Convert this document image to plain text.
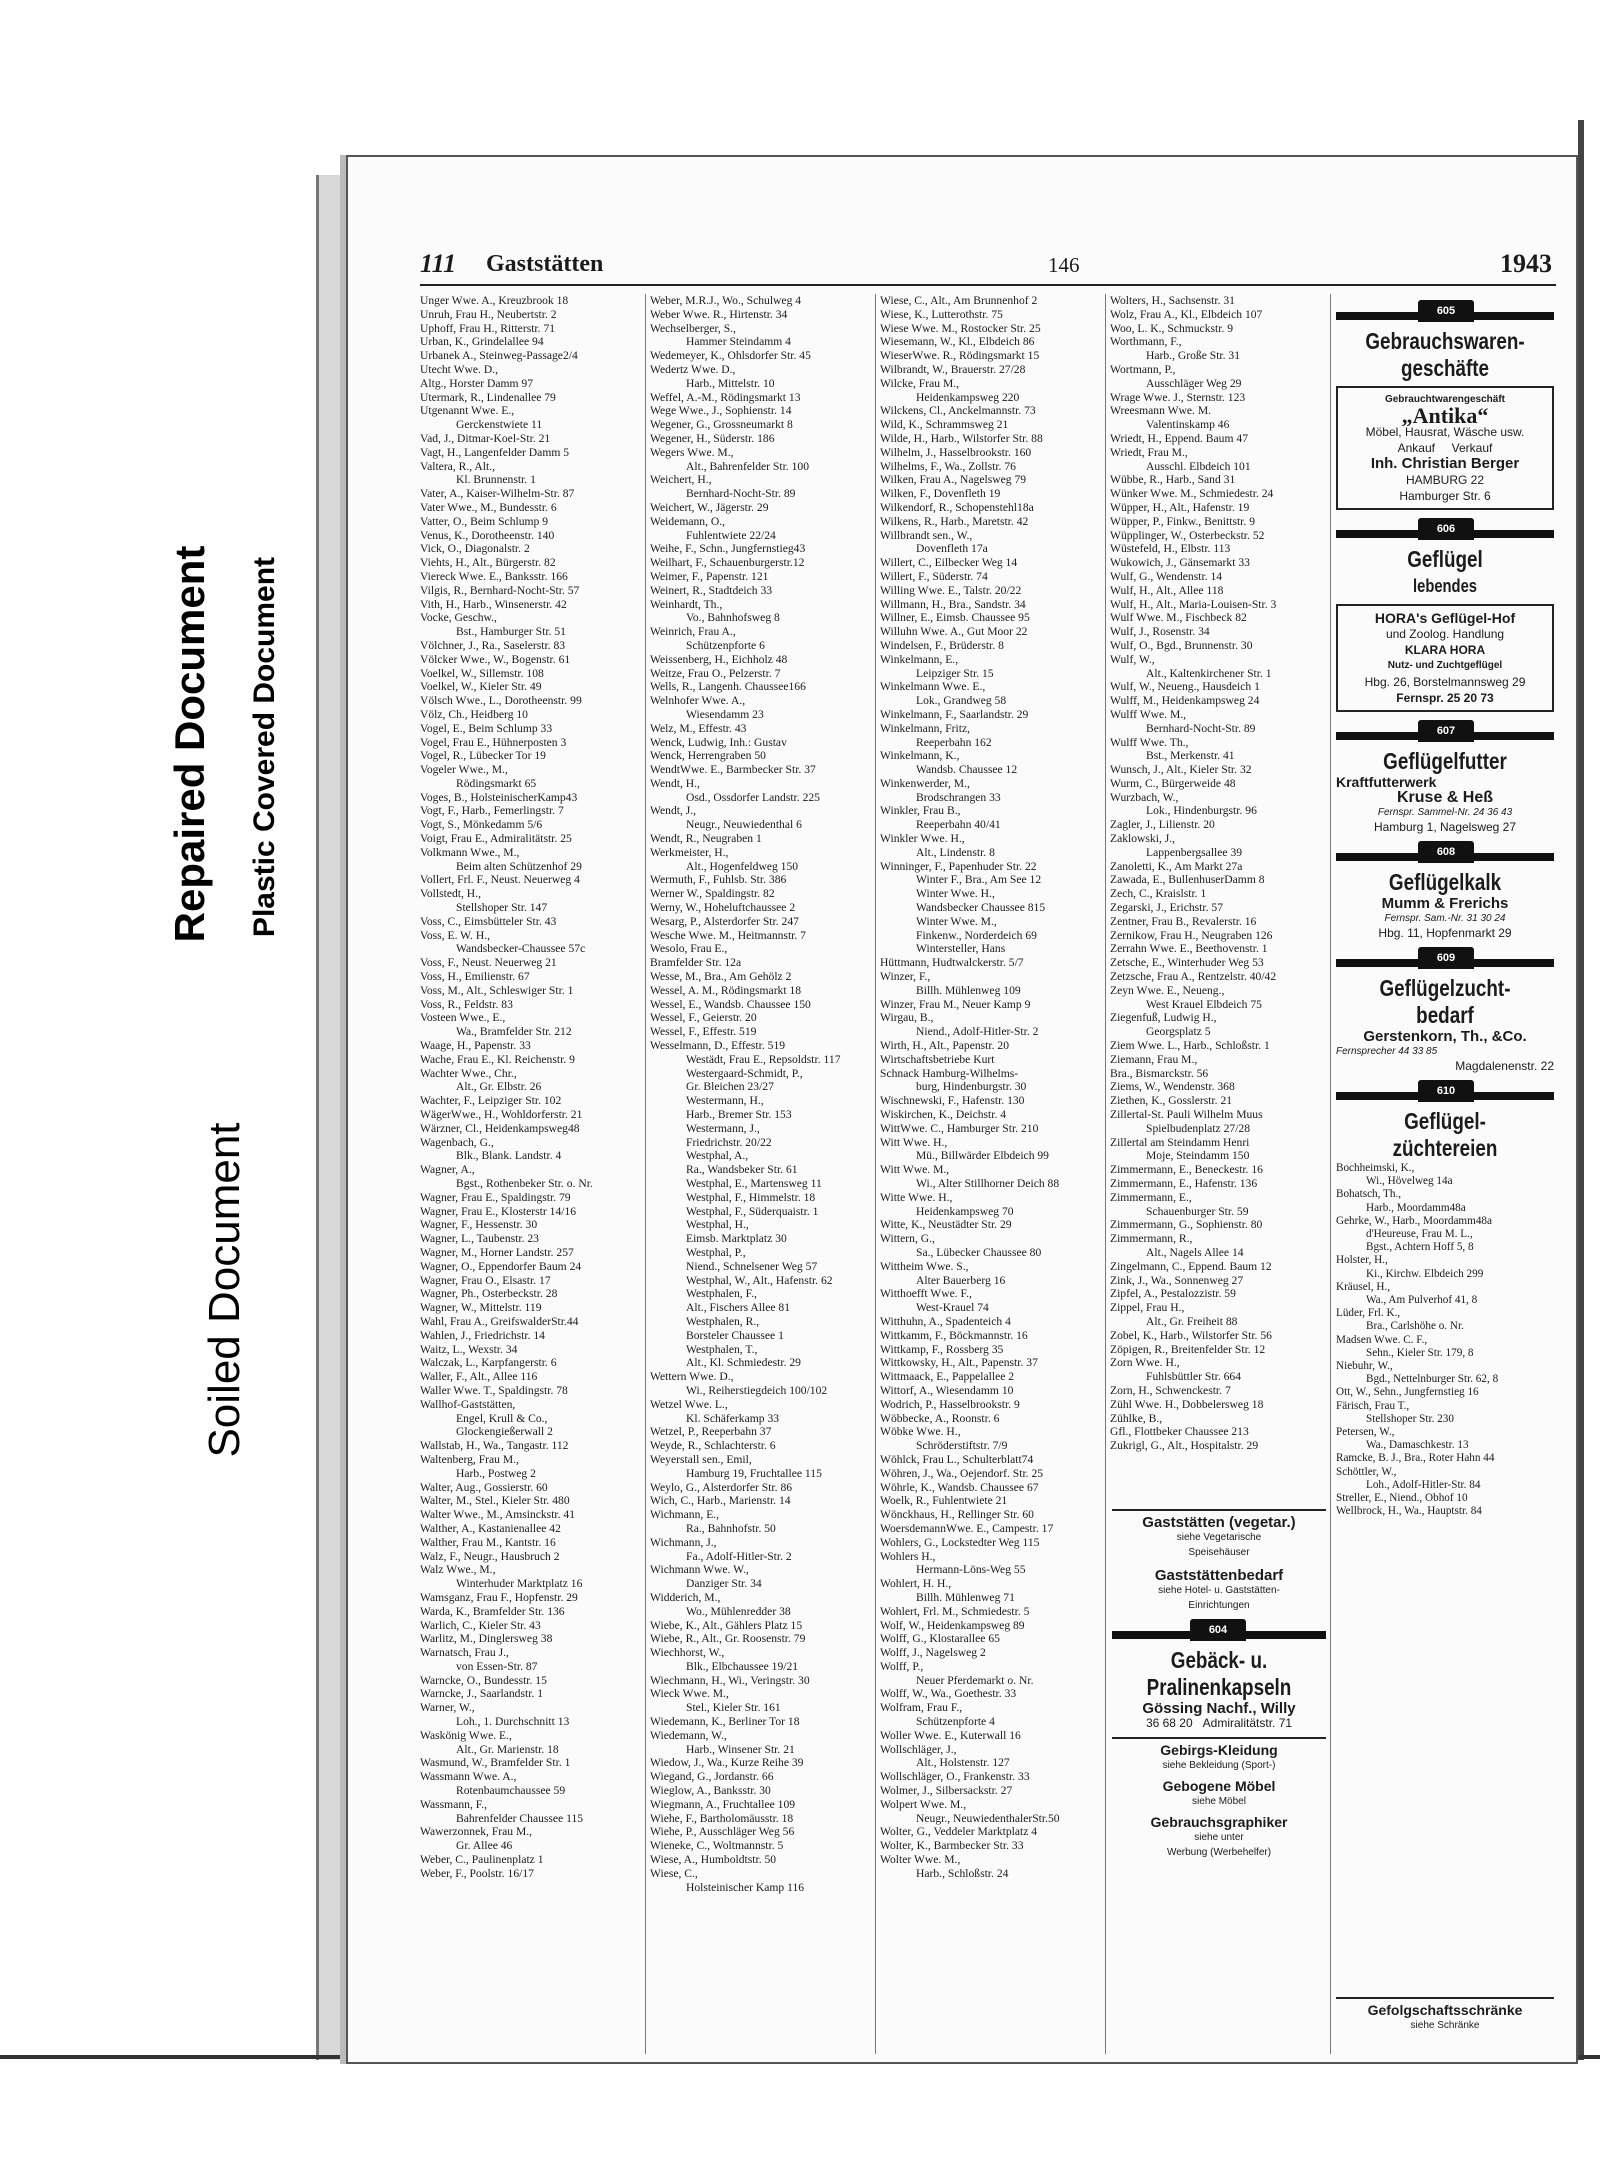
Repaired Document Plastic Covered Document
Soiled Document
111 Gaststätten	146	1943
Unger Wwe. A., Kreuzbrook 18
Unruh, Frau H., Neubertstr. 2
Uphoff, Frau H., Ritterstr. 71
Urban, K., Grindelallee 94
Urbanek A., Steinweg-Passage2/4
Utecht Wwe. D.,
Altg., Horster Damm 97
Utermark, R., Lindenallee 79
Utgenannt Wwe. E.,
Gerckenstwiete 11
Vad, J., Ditmar-Koel-Str. 21
Vagt, H., Langenfelder Damm 5
Valtera, R., Alt.,
Kl. Brunnenstr. 1
Vater, A., Kaiser-Wilhelm-Str. 87
Vater Wwe., M., Bundesstr. 6
Vatter, O., Beim Schlump 9
Venus, K., Dorotheenstr. 140
Vick, O., Diagonalstr. 2
Viehts, H., Alt., Bürgerstr. 82
Viereck Wwe. E., Banksstr. 166
Vilgis, R., Bernhard-Nocht-Str. 57
Vith, H., Harb., Winsenerstr. 42
Vocke, Geschw.,
Bst., Hamburger Str. 51
Völchner, J., Ra., Saselerstr. 83
Völcker Wwe., W., Bogenstr. 61
Voelkel, W., Sillemstr. 108
Voelkel, W., Kieler Str. 49
Völsch Wwe., L., Dorotheenstr. 99
Völz, Ch., Heidberg 10
Vogel, E., Beim Schlump 33
Vogel, Frau E., Hühnerposten 3
Vogel, R., Lübecker Tor 19
Vogeler Wwe., M.,
Rödingsmarkt 65
Voges, B., HolsteinischerKamp43
Vogt, F., Harb., Femerlingstr. 7
Vogt, S., Mönkedamm 5/6
Voigt, Frau E., Admiralitätstr. 25
Volkmann Wwe., M.,
Beim alten Schützenhof 29
Vollert, Frl. F., Neust. Neuerweg 4
Vollstedt, H.,
Stellshoper Str. 147
Voss, C., Eimsbütteler Str. 43
Voss, E. W. H.,
Wandsbecker-Chaussee 57c
Voss, F., Neust. Neuerweg 21
Voss, H., Emilienstr. 67
Voss, M., Alt., Schleswiger Str. 1
Voss, R., Feldstr. 83
Vosteen Wwe., E.,
Wa., Bramfelder Str. 212
Waage, H., Papenstr. 33
Wache, Frau E., Kl. Reichenstr. 9
Wachter Wwe., Chr.,
Alt., Gr. Elbstr. 26
Wachter, F., Leipziger Str. 102
WägerWwe., H., Wohldorferstr. 21
Wärzner, Cl., Heidenkampsweg48
Wagenbach, G.,
Blk., Blank. Landstr. 4
Wagner, A.,
Bgst., Rothenbeker Str. o. Nr.
Wagner, Frau E., Spaldingstr. 79
Wagner, Frau E., Klosterstr 14/16
Wagner, F., Hessenstr. 30
Wagner, L., Taubenstr. 23
Wagner, M., Horner Landstr. 257
Wagner, O., Eppendorfer Baum 24
Wagner, Frau O., Elsastr. 17
Wagner, Ph., Osterbeckstr. 28
Wagner, W., Mittelstr. 119
Wahl, Frau A., GreifswalderStr.44
Wahlen, J., Friedrichstr. 14
Waitz, L., Wexstr. 34
Walczak, L., Karpfangerstr. 6
Waller, F., Alt., Allee 116
Waller Wwe. T., Spaldingstr. 78
Wallhof-Gaststätten,
Engel, Krull & Co.,
Glockengießerwall 2
Wallstab, H., Wa., Tangastr. 112
Waltenberg, Frau M.,
Harb., Postweg 2
Walter, Aug., Gossierstr. 60
Walter, M., Stel., Kieler Str. 480
Walter Wwe., M., Amsinckstr. 41
Walther, A., Kastanienallee 42
Walther, Frau M., Kantstr. 16
Walz, F., Neugr., Hausbruch 2
Walz Wwe., M.,
Winterhuder Marktplatz 16
Wamsganz, Frau F., Hopfenstr. 29
Warda, K., Bramfelder Str. 136
Warlich, C., Kieler Str. 43
Warlitz, M., Dinglersweg 38
Warnatsch, Frau J.,
von Essen-Str. 87
Warncke, O., Bundesstr. 15
Warncke, J., Saarlandstr. 1
Warner, W.,
Loh., 1. Durchschnitt 13
Waskönig Wwe. E.,
Alt., Gr. Marienstr. 18
Wasmund, W., Bramfelder Str. 1
Wassmann Wwe. A.,
Rotenbaumchaussee 59
Wassmann, F.,
Bahrenfelder Chaussee 115
Wawerzonnek, Frau M.,
Gr. Allee 46
Weber, C., Paulinenplatz 1
Weber, F., Poolstr. 16/17
Weber, M.R.J., Wo., Schulweg 4
Weber Wwe. R., Hirtenstr. 34
Wechselberger, S.,
Hammer Steindamm 4
Wedemeyer, K., Ohlsdorfer Str. 45
Wedertz Wwe. D.,
Harb., Mittelstr. 10
Weffel, A.-M., Rödingsmarkt 13
Wege Wwe., J., Sophienstr. 14
Wegener, G., Grossneumarkt 8
Wegener, H., Süderstr. 186
Wegers Wwe. M.,
Alt., Bahrenfelder Str. 100
Weichert, H.,
Bernhard-Nocht-Str. 89
Weichert, W., Jägerstr. 29
Weidemann, O.,
Fuhlentwiete 22/24
Weihe, F., Schn., Jungfernstieg43
Weilhart, F., Schauenburgerstr.12
Weimer, F., Papenstr. 121
Weinert, R., Stadtdeich 33
Weinhardt, Th.,
Vo., Bahnhofsweg 8
Weinrich, Frau A.,
Schützenpforte 6
Weissenberg, H., Eichholz 48
Weitze, Frau O., Pelzerstr. 7
Wells, R., Langenh. Chaussee166
Welnhofer Wwe. A.,
Wiesendamm 23
Welz, M., Effestr. 43
Wenck, Ludwig, Inh.: Gustav
Wenck, Herrengraben 50
WendtWwe. E., Barmbecker Str. 37
Wendt, H.,
Osd., Ossdorfer Landstr. 225
Wendt, J.,
Neugr., Neuwiedenthal 6
Wendt, R., Neugraben 1
Werkmeister, H.,
Alt., Hogenfeldweg 150
Wermuth, F., Fuhlsb. Str. 386
Werner W., Spaldingstr. 82
Werny, W., Hoheluftchaussee 2
Wesarg, P., Alsterdorfer Str. 247
Wesche Wwe. M., Heitmannstr. 7
Wesolo, Frau E.,
Bramfelder Str. 12a
Wesse, M., Bra., Am Gehölz 2
Wessel, A. M., Rödingsmarkt 18
Wessel, E., Wandsb. Chaussee 150
Wessel, F., Geierstr. 20
Wessel, F., Effestr. 519
Wesselmann, D., Effestr. 519
Westädt, Frau E., Repsoldstr. 117
Westergaard-Schmidt, P.,
Gr. Bleichen 23/27
Westermann, H.,
Harb., Bremer Str. 153
Westermann, J.,
Friedrichstr. 20/22
Westphal, A.,
Ra., Wandsbeker Str. 61
Westphal, E., Martensweg 11
Westphal, F., Himmelstr. 18
Westphal, F., Süderquaistr. 1
Westphal, H.,
Eimsb. Marktplatz 30
Westphal, P.,
Niend., Schnelsener Weg 57
Westphal, W., Alt., Hafenstr. 62
Westphalen, F.,
Alt., Fischers Allee 81
Westphalen, R.,
Borsteler Chaussee 1
Westphalen, T.,
Alt., Kl. Schmiedestr. 29
Wettern Wwe. D.,
Wi., Reiherstiegdeich 100/102
Wetzel Wwe. L.,
Kl. Schäferkamp 33
Wetzel, P., Reeperbahn 37
Weyde, R., Schlachterstr. 6
Weyerstall sen., Emil,
Hamburg 19, Fruchtallee 115
Weylo, G., Alsterdorfer Str. 86
Wich, C., Harb., Marienstr. 14
Wichmann, E.,
Ra., Bahnhofstr. 50
Wichmann, J.,
Fa., Adolf-Hitler-Str. 2
Wichmann Wwe. W.,
Danziger Str. 34
Widderich, M.,
Wo., Mühlenredder 38
Wiebe, K., Alt., Gählers Platz 15
Wiebe, R., Alt., Gr. Roosenstr. 79
Wiechhorst, W.,
Blk., Elbchaussee 19/21
Wiechmann, H., Wi., Veringstr. 30
Wieck Wwe. M.,
Stel., Kieler Str. 161
Wiedemann, K., Berliner Tor 18
Wiedemann, W.,
Harb., Winsener Str. 21
Wiedow, J., Wa., Kurze Reihe 39
Wiegand, G., Jordanstr. 66
Wieglow, A., Banksstr. 30
Wiegmann, A., Fruchtallee 109
Wiehe, F., Bartholomäusstr. 18
Wiehe, P., Ausschläger Weg 56
Wieneke, C., Woltmannstr. 5
Wiese, A., Humboldtstr. 50
Wiese, C.,
Holsteinischer Kamp 116
Wiese, C., Alt., Am Brunnenhof 2
Wiese, K., Lutterothstr. 75
Wiese Wwe. M., Rostocker Str. 25
Wiesemann, W., Kl., Elbdeich 86
WieserWwe. R., Rödingsmarkt 15
Wilbrandt, W., Brauerstr. 27/28
Wilcke, Frau M.,
Heidenkampsweg 220
Wilckens, Cl., Anckelmannstr. 73
Wild, K., Schrammsweg 21
Wilde, H., Harb., Wilstorfer Str. 88
Wilhelm, J., Hasselbrookstr. 160
Wilhelms, F., Wa., Zollstr. 76
Wilken, Frau A., Nagelsweg 79
Wilken, F., Dovenfleth 19
Wilkendorf, R., Schopenstehl18a
Wilkens, R., Harb., Maretstr. 42
Willbrandt sen., W.,
Dovenfleth 17a
Willert, C., Eilbecker Weg 14
Willert, F., Süderstr. 74
Willing Wwe. E., Talstr. 20/22
Willmann, H., Bra., Sandstr. 34
Willner, E., Eimsb. Chaussee 95
Willuhn Wwe. A., Gut Moor 22
Windelsen, F., Brüderstr. 8
Winkelmann, E.,
Leipziger Str. 15
Winkelmann Wwe. E.,
Lok., Grandweg 58
Winkelmann, F., Saarlandstr. 29
Winkelmann, Fritz,
Reeperbahn 162
Winkelmann, K.,
Wandsb. Chaussee 12
Winkenwerder, M.,
Brodschrangen 33
Winkler, Frau B.,
Reeperbahn 40/41
Winkler Wwe. H.,
Alt., Lindenstr. 8
Winninger, F., Papenhuder Str. 22
Winter F., Bra., Am See 12
Winter Wwe. H.,
Wandsbecker Chaussee 815
Winter Wwe. M.,
Finkenw., Norderdeich 69
Wintersteller, Hans
Hüttmann, Hudtwalckerstr. 5/7
Winzer, F.,
Billh. Mühlenweg 109
Winzer, Frau M., Neuer Kamp 9
Wirgau, B.,
Niend., Adolf-Hitler-Str. 2
Wirth, H., Alt., Papenstr. 20
Wirtschaftsbetriebe Kurt
Schnack Hamburg-Wilhelms-
burg, Hindenburgstr. 30
Wischnewski, F., Hafenstr. 130
Wiskirchen, K., Deichstr. 4
WittWwe. C., Hamburger Str. 210
Witt Wwe. H.,
Mü., Billwärder Elbdeich 99
Witt Wwe. M.,
Wi., Alter Stillhorner Deich 88
Witte Wwe. H.,
Heidenkampsweg 70
Witte, K., Neustädter Str. 29
Wittern, G.,
Sa., Lübecker Chaussee 80
Wittheim Wwe. S.,
Alter Bauerberg 16
Witthoefft Wwe. F.,
West-Krauel 74
Witthuhn, A., Spadenteich 4
Wittkamm, F., Böckmannstr. 16
Wittkamp, F., Rossberg 35
Wittkowsky, H., Alt., Papenstr. 37
Wittmaack, E., Pappelallee 2
Wittorf, A., Wiesendamm 10
Wodrich, P., Hasselbrookstr. 9
Wöbbecke, A., Roonstr. 6
Wöbke Wwe. H.,
Schröderstiftstr. 7/9
Wöhlck, Frau L., Schulterblatt74
Wöhren, J., Wa., Oejendorf. Str. 25
Wöhrle, K., Wandsb. Chaussee 67
Woelk, R., Fuhlentwiete 21
Wönckhaus, H., Rellinger Str. 60
WoersdemannWwe. E., Campestr. 17
Wohlers, G., Lockstedter Weg 115
Wohlers H.,
Hermann-Löns-Weg 55
Wohlert, H. H.,
Billh. Mühlenweg 71
Wohlert, Frl. M., Schmiedestr. 5
Wolf, W., Heidenkampsweg 89
Wolff, G., Klostarallee 65
Wolff, J., Nagelsweg 2
Wolff, P.,
Neuer Pferdemarkt o. Nr.
Wolff, W., Wa., Goethestr. 33
Wolfram, Frau F.,
Schützenpforte 4
Woller Wwe. E., Kuterwall 16
Wollschläger, J.,
Alt., Holstenstr. 127
Wollschläger, O., Frankenstr. 33
Wolmer, J., Silbersackstr. 27
Wolpert Wwe. M.,
Neugr., NeuwiedenthalerStr.50
Wolter, G., Veddeler Marktplatz 4
Wolter, K., Barmbecker Str. 33
Wolter Wwe. M.,
Harb., Schloßstr. 24
Wolters, H., Sachsenstr. 31
Wolz, Frau A., Kl., Elbdeich 107
Woo, L. K., Schmuckstr. 9
Worthmann, F.,
Harb., Große Str. 31
Wortmann, P.,
Ausschläger Weg 29
Wrage Wwe. J., Sternstr. 123
Wreesmann Wwe. M.
Valentinskamp 46
Wriedt, H., Eppend. Baum 47
Wriedt, Frau M.,
Ausschl. Elbdeich 101
Wübbe, R., Harb., Sand 31
Wünker Wwe. M., Schmiedestr. 24
Wüpper, H., Alt., Hafenstr. 19
Wüpper, P., Finkw., Benittstr. 9
Wüpplinger, W., Osterbeckstr. 52
Wüstefeld, H., Elbstr. 113
Wukowich, J., Gänsemarkt 33
Wulf, G., Wendenstr. 14
Wulf, H., Alt., Allee 118
Wulf, H., Alt., Maria-Louisen-Str. 3
Wulf Wwe. M., Fischbeck 82
Wulf, J., Rosenstr. 34
Wulf, O., Bgd., Brunnenstr. 30
Wulf, W.,
Alt., Kaltenkirchener Str. 1
Wulf, W., Neueng., Hausdeich 1
Wulff, M., Heidenkampsweg 24
Wulff Wwe. M.,
Bernhard-Nocht-Str. 89
Wulff Wwe. Th.,
Bst., Merkenstr. 41
Wunsch, J., Alt., Kieler Str. 32
Wurm, C., Bürgerweide 48
Wurzbach, W.,
Lok., Hindenburgstr. 96
Zagler, J., Lilienstr. 20
Zaklowski, J.,
Lappenbergsallee 39
Zanoletti, K., Am Markt 27a
Zawada, E., BullenhuserDamm 8
Zech, C., Kraislstr. 1
Zegarski, J., Erichstr. 57
Zentner, Frau B., Revalerstr. 16
Zernikow, Frau H., Neugraben 126
Zerrahn Wwe. E., Beethovenstr. 1
Zetsche, E., Winterhuder Weg 53
Zetzsche, Frau A., Rentzelstr. 40/42
Zeyn Wwe. E., Neueng.,
West Krauel Elbdeich 75
Ziegenfuß, Ludwig H.,
Georgsplatz 5
Ziem Wwe. L., Harb., Schloßstr. 1
Ziemann, Frau M.,
Bra., Bismarckstr. 56
Ziems, W., Wendenstr. 368
Ziethen, K., Gosslerstr. 21
Zillertal-St. Pauli Wilhelm Muus
Spielbudenplatz 27/28
Zillertal am Steindamm Henri
Moje, Steindamm 150
Zimmermann, E., Beneckestr. 16
Zimmermann, E., Hafenstr. 136
Zimmermann, E.,
Schauenburger Str. 59
Zimmermann, G., Sophienstr. 80
Zimmermann, R.,
Alt., Nagels Allee 14
Zingelmann, C., Eppend. Baum 12
Zink, J., Wa., Sonnenweg 27
Zipfel, A., Pestalozzistr. 59
Zippel, Frau H.,
Alt., Gr. Freiheit 88
Zobel, K., Harb., Wilstorfer Str. 56
Zöpigen, R., Breitenfelder Str. 12
Zorn Wwe. H.,
Fuhlsbüttler Str. 664
Zorn, H., Schwenckestr. 7
Zühl Wwe. H., Dobbelersweg 18
Zühlke, B.,
Gfl., Flottbeker Chaussee 213
Zukrigl, G., Alt., Hospitalstr. 29
605
Gebrauchswaren-geschäfte
Gebrauchtwarengeschäft
„Antika“
Möbel, Hausrat, Wäsche usw.
Ankauf Verkauf
Inh. Christian Berger
HAMBURG 22
Hamburger Str. 6
606
Geflügel
lebendes
HORA's Geflügel-Hof
und Zoolog. Handlung
KLARA HORA
Nutz- und Zuchtgeflügel
Hbg. 26, Borstelmannsweg 29
Fernspr. 25 20 73
607
Geflügelfutter
Kraftfutterwerk
Kruse & Heß
Fernspr. Sammel-Nr. 24 36 43
Hamburg 1, Nagelsweg 27
608
Geflügelkalk
Mumm & Frerichs
Fernspr. Sam.-Nr. 31 30 24
Hbg. 11, Hopfenmarkt 29
609
Geflügelzucht-
bedarf
Gerstenkorn, Th., &Co.
Fernsprecher 44 33 85
Magdalenenstr. 22
610
Geflügel-
züchtereien
Bochheimski, K.,
Wi., Hövelweg 14a
Bohatsch, Th.,
Harb., Moordamm48a
Gehrke, W., Harb., Moordamm48a
d'Heureuse, Frau M. L.,
Bgst., Achtern Hoff 5, 8
Holster, H.,
Ki., Kirchw. Elbdeich 299
Kräusel, H.,
Wa., Am Pulverhof 41, 8
Lüder, Frl. K.,
Bra., Carlshöhe o. Nr.
Madsen Wwe. C. F.,
Sehn., Kieler Str. 179, 8
Niebuhr, W.,
Bgd., Nettelnburger Str. 62, 8
Ott, W., Sehn., Jungfernstieg 16
Färisch, Frau T.,
Stellshoper Str. 230
Petersen, W.,
Wa., Damaschkestr. 13
Ramcke, B. J., Bra., Roter Hahn 44
Schöttler, W.,
Loh., Adolf-Hitler-Str. 84
Streller, E., Niend., Obhof 10
Wellbrock, H., Wa., Hauptstr. 84
Gaststätten (vegetar.)
siehe Vegetarische
Speisehäuser
Gaststättenbedarf
siehe Hotel- u. Gaststätten-
Einrichtungen
604
Gebäck- u.
Pralinenkapseln
Gössing Nachf., Willy
36 68 20 Admiralitätstr. 71
Gebirgs-Kleidung
siehe Bekleidung (Sport-)
Gebogene Möbel
siehe Möbel
Gebrauchsgraphiker
siehe unter
Werbung (Werbehelfer)
Gefolgschaftsschränke
siehe Schränke
